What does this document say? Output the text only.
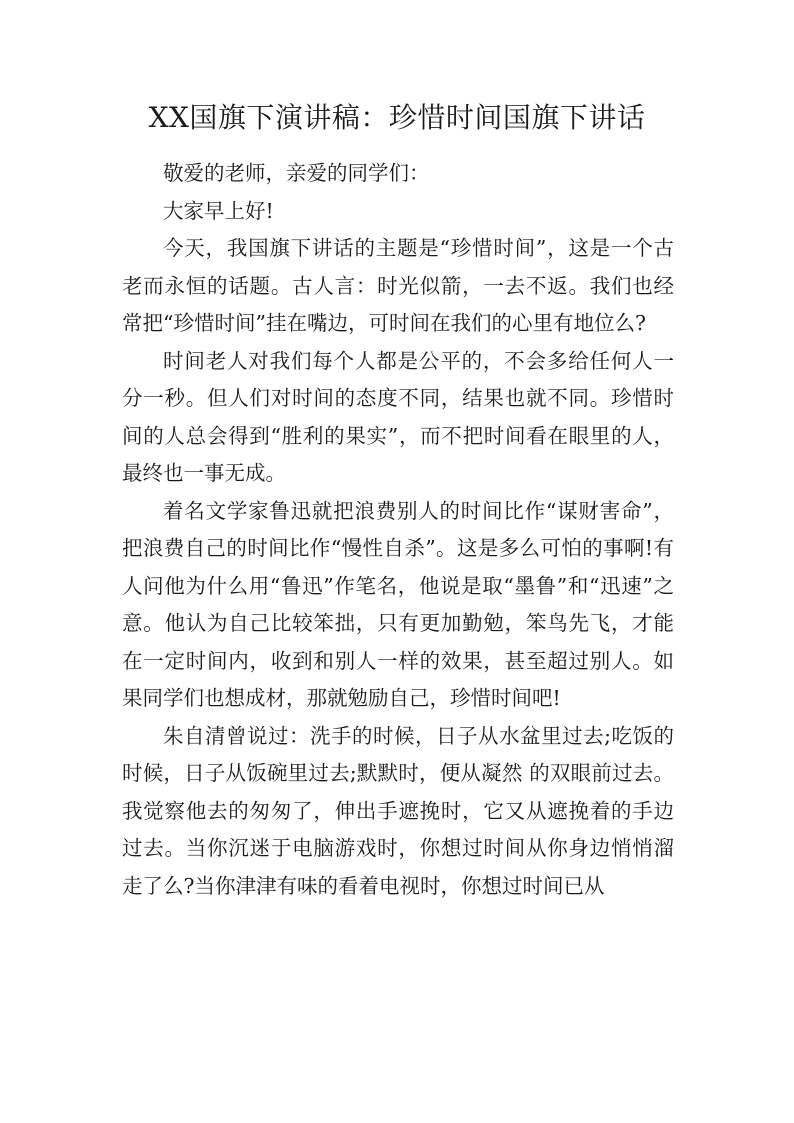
XX国旗下演讲稿：珍惜时间国旗下讲话

敬爱的老师，亲爱的同学们：

大家早上好!

今天，我国旗下讲话的主题是“珍惜时间”，这是一个古老而永恒的话题。古人言：时光似箭，一去不返。我们也经常把“珍惜时间”挂在嘴边，可时间在我们的心里有地位么?

时间老人对我们每个人都是公平的，不会多给任何人一分一秒。但人们对时间的态度不同，结果也就不同。珍惜时间的人总会得到“胜利的果实”，而不把时间看在眼里的人，最终也一事无成。

着名文学家鲁迅就把浪费别人的时间比作“谋财害命”，把浪费自己的时间比作“慢性自杀”。这是多么可怕的事啊!有人问他为什么用“鲁迅”作笔名，他说是取“墨鲁”和“迅速”之意。他认为自己比较笨拙，只有更加勤勉，笨鸟先飞，才能在一定时间内，收到和别人一样的效果，甚至超过别人。如果同学们也想成材，那就勉励自己，珍惜时间吧!

朱自清曾说过：洗手的时候，日子从水盆里过去;吃饭的时候，日子从饭碗里过去;默默时，便从凝然 的双眼前过去。我觉察他去的匆匆了，伸出手遮挽时，它又从遮挽着的手边过去。当你沉迷于电脑游戏时，你想过时间从你身边悄悄溜走了么?当你津津有味的看着电视时，你想过时间已从
